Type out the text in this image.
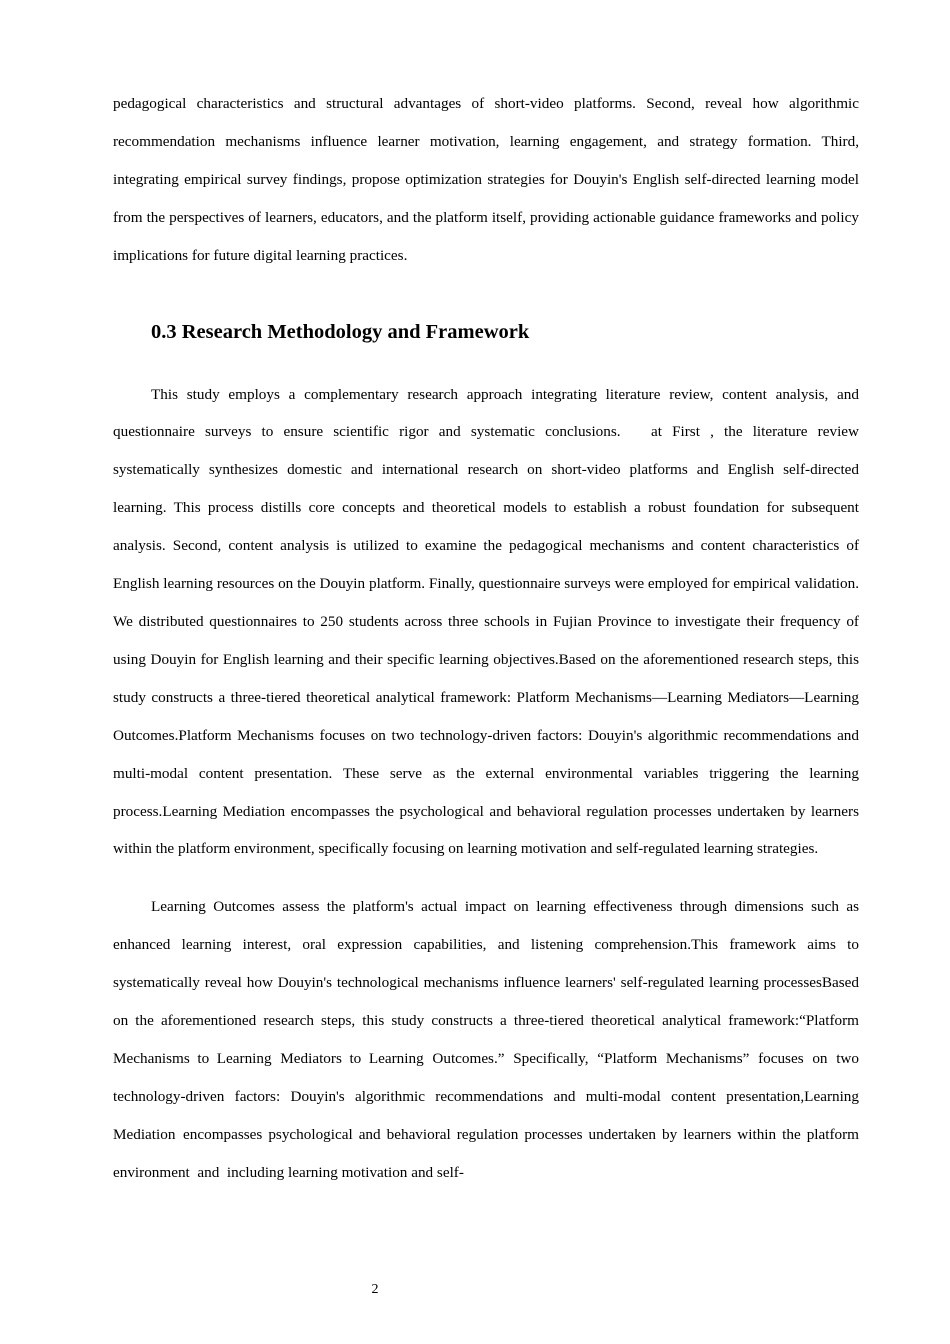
pedagogical characteristics and structural advantages of short-video platforms. Second, reveal how algorithmic recommendation mechanisms influence learner motivation, learning engagement, and strategy formation. Third, integrating empirical survey findings, propose optimization strategies for Douyin's English self-directed learning model from the perspectives of learners, educators, and the platform itself, providing actionable guidance frameworks and policy implications for future digital learning practices.

0.3 Research Methodology and Framework

This study employs a complementary research approach integrating literature review, content analysis, and questionnaire surveys to ensure scientific rigor and systematic conclusions.  at First , the literature review systematically synthesizes domestic and international research on short-video platforms and English self-directed learning. This process distills core concepts and theoretical models to establish a robust foundation for subsequent analysis. Second, content analysis is utilized to examine the pedagogical mechanisms and content characteristics of English learning resources on the Douyin platform. Finally, questionnaire surveys were employed for empirical validation. We distributed questionnaires to 250 students across three schools in Fujian Province to investigate their frequency of using Douyin for English learning and their specific learning objectives.Based on the aforementioned research steps, this study constructs a three-tiered theoretical analytical framework: Platform Mechanisms—Learning Mediators—Learning Outcomes.Platform Mechanisms focuses on two technology-driven factors: Douyin's algorithmic recommendations and multi-modal content presentation. These serve as the external environmental variables triggering the learning process.Learning Mediation encompasses the psychological and behavioral regulation processes undertaken by learners within the platform environment, specifically focusing on learning motivation and self-regulated learning strategies.

Learning Outcomes assess the platform's actual impact on learning effectiveness through dimensions such as enhanced learning interest, oral expression capabilities, and listening comprehension.This framework aims to systematically reveal how Douyin's technological mechanisms influence learners' self-regulated learning processesBased on the aforementioned research steps, this study constructs a three-tiered theoretical analytical framework:“Platform Mechanisms to Learning Mediators to Learning Outcomes.” Specifically, “Platform Mechanisms” focuses on two technology-driven factors: Douyin's algorithmic recommendations and multi-modal content presentation,Learning Mediation encompasses psychological and behavioral regulation processes undertaken by learners within the platform environment and including learning motivation and self-

2
